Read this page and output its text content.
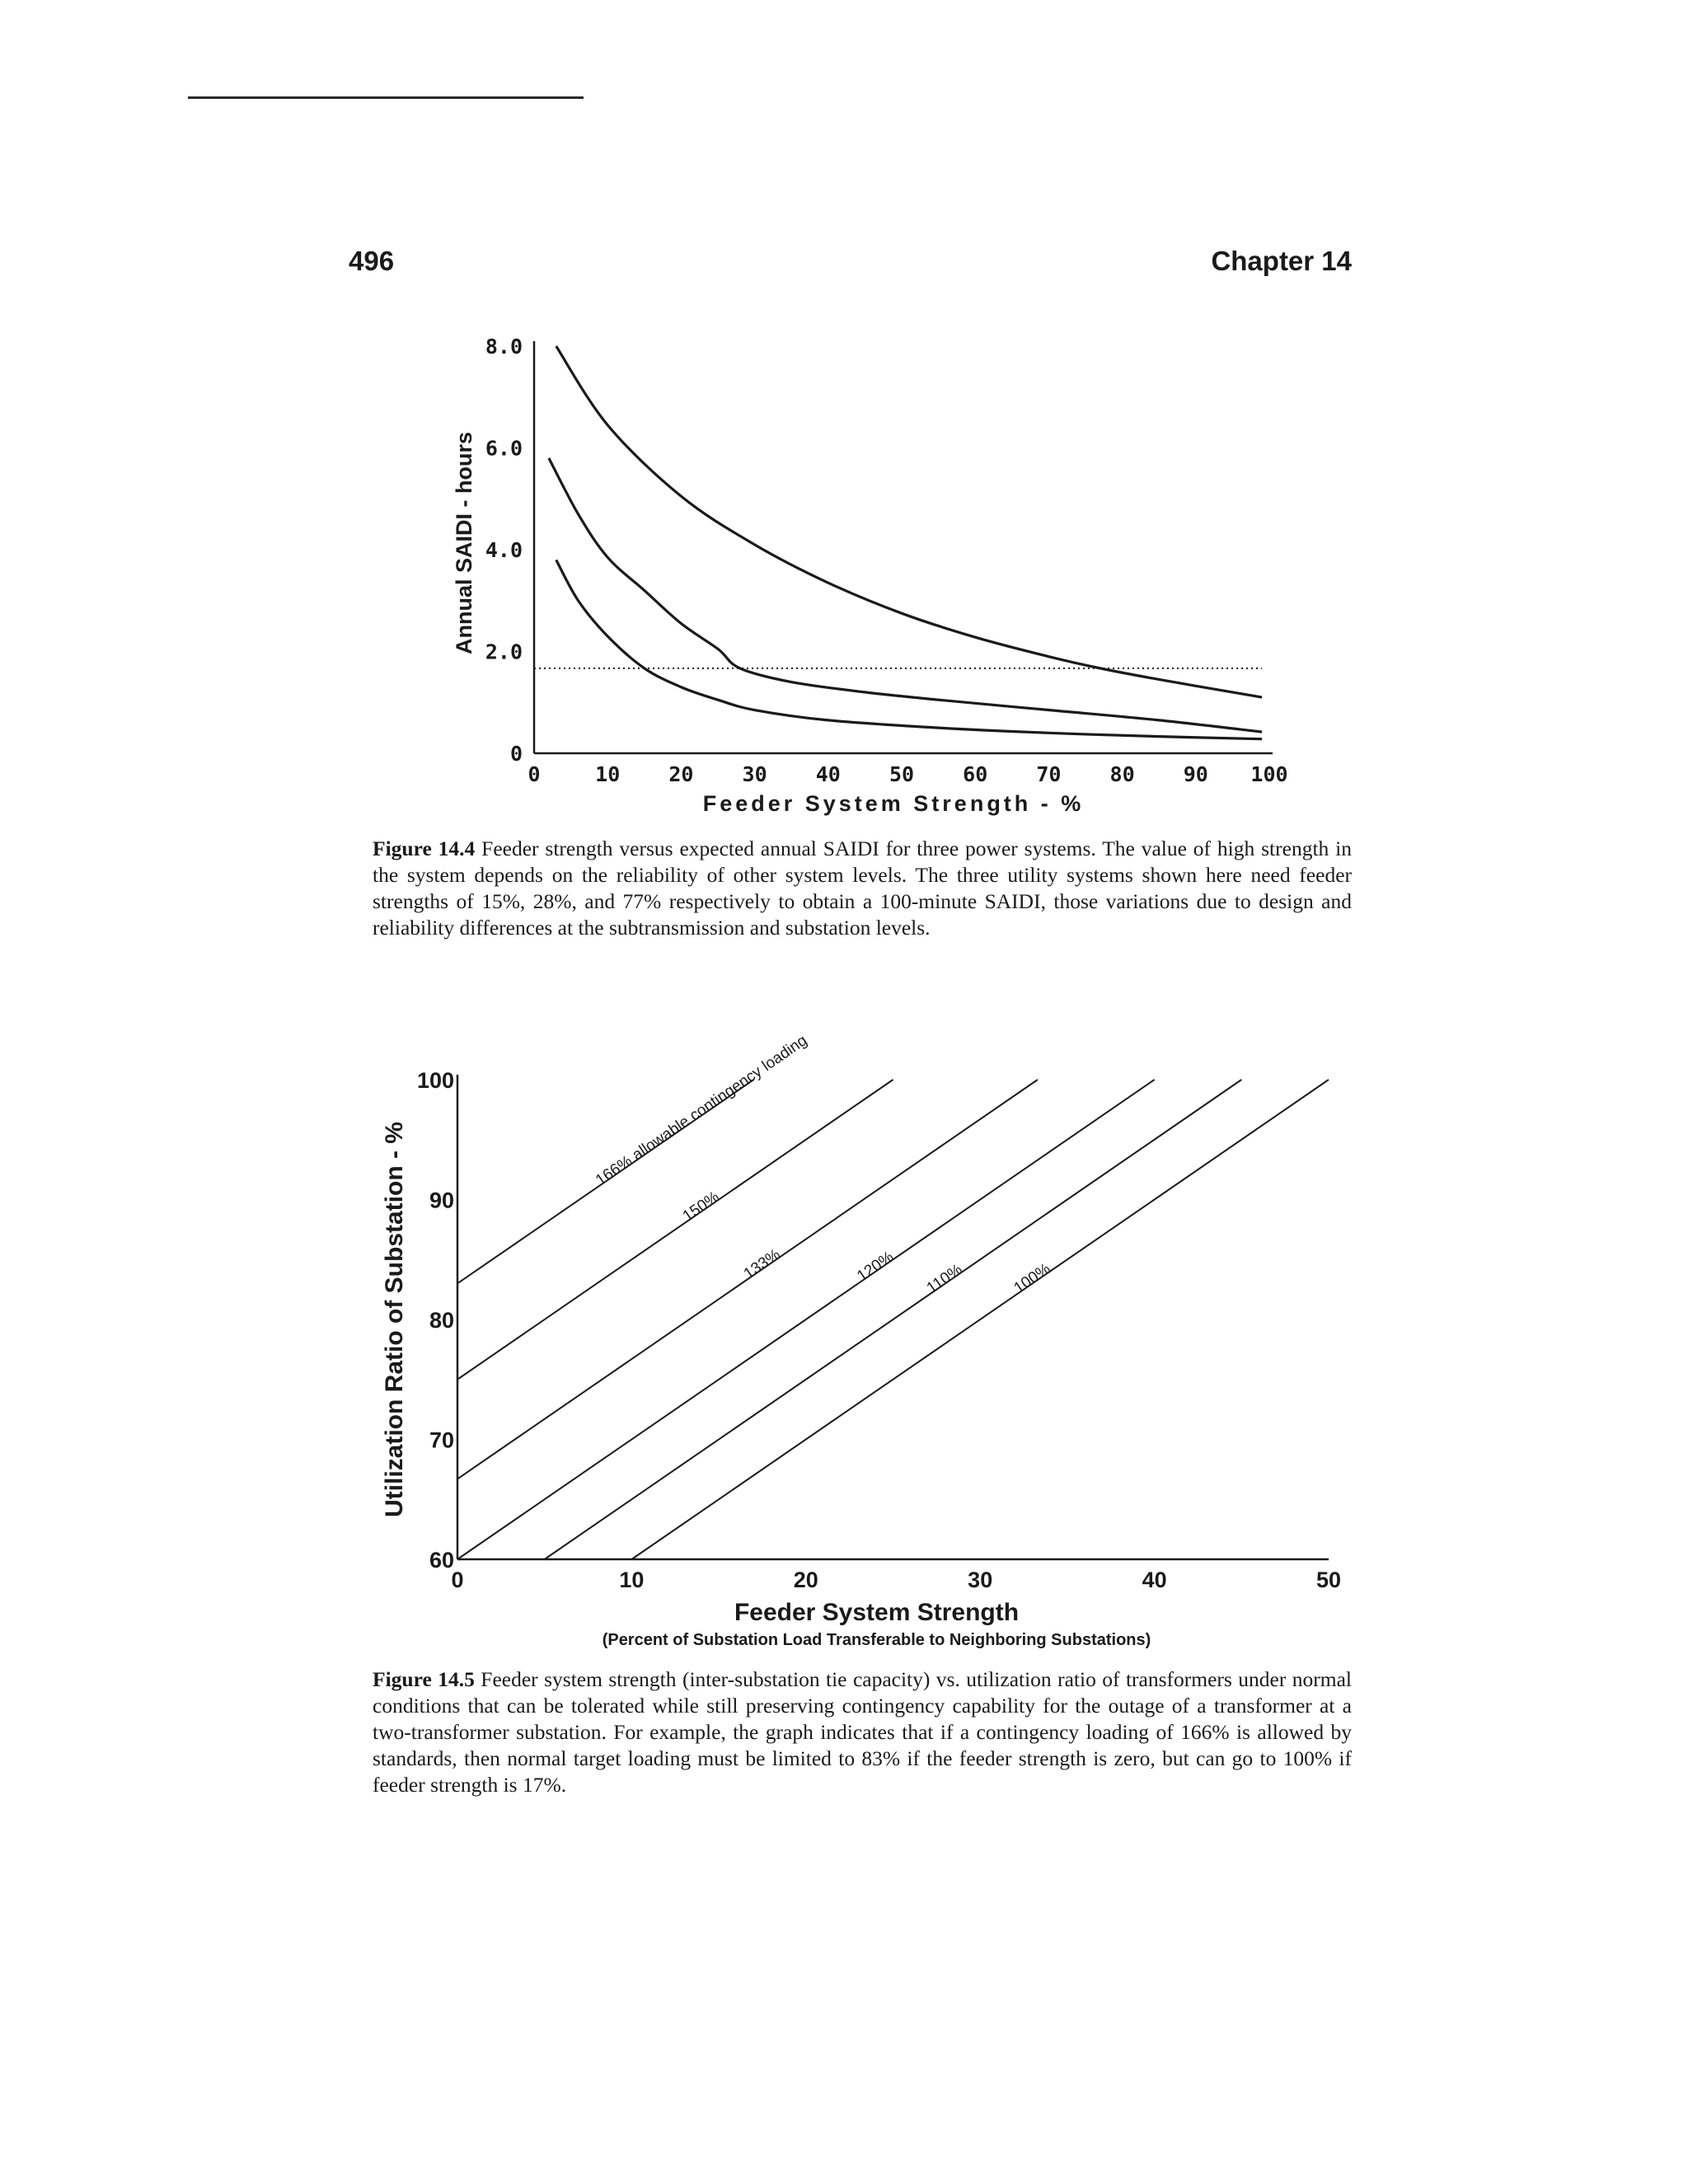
496	Chapter 14
0
2.0
4.0
6.0
8.0
0	10 20 30 40 50 60 70 80 90 100
Feeder System Strength - %
Annual SAIDI - hours
Figure 14.4 Feeder strength versus expected annual SAIDI for three power systems. The value of high strength in the system depends on the reliability of other system levels. The three utility systems shown here need feeder strengths of 15%, 28%, and 77% respectively to obtain a 100-minute SAIDI, those variations due to design and reliability differences at the subtransmission and substation levels.
60
70
80
90
100
0	10	20	30	40	50
Feeder System Strength
(Percent of Substation Load Transferable to Neighboring Substations)
Utilization Ratio of Substation - %
166% allowable contingency loading
150%
133%	120% 110%	100%
Figure 14.5 Feeder system strength (inter-substation tie capacity) vs. utilization ratio of transformers under normal conditions that can be tolerated while still preserving contingency capability for the outage of a transformer at a two-transformer substation. For example, the graph indicates that if a contingency loading of 166% is allowed by standards, then normal target loading must be limited to 83% if the feeder strength is zero, but can go to 100% if feeder strength is 17%.
